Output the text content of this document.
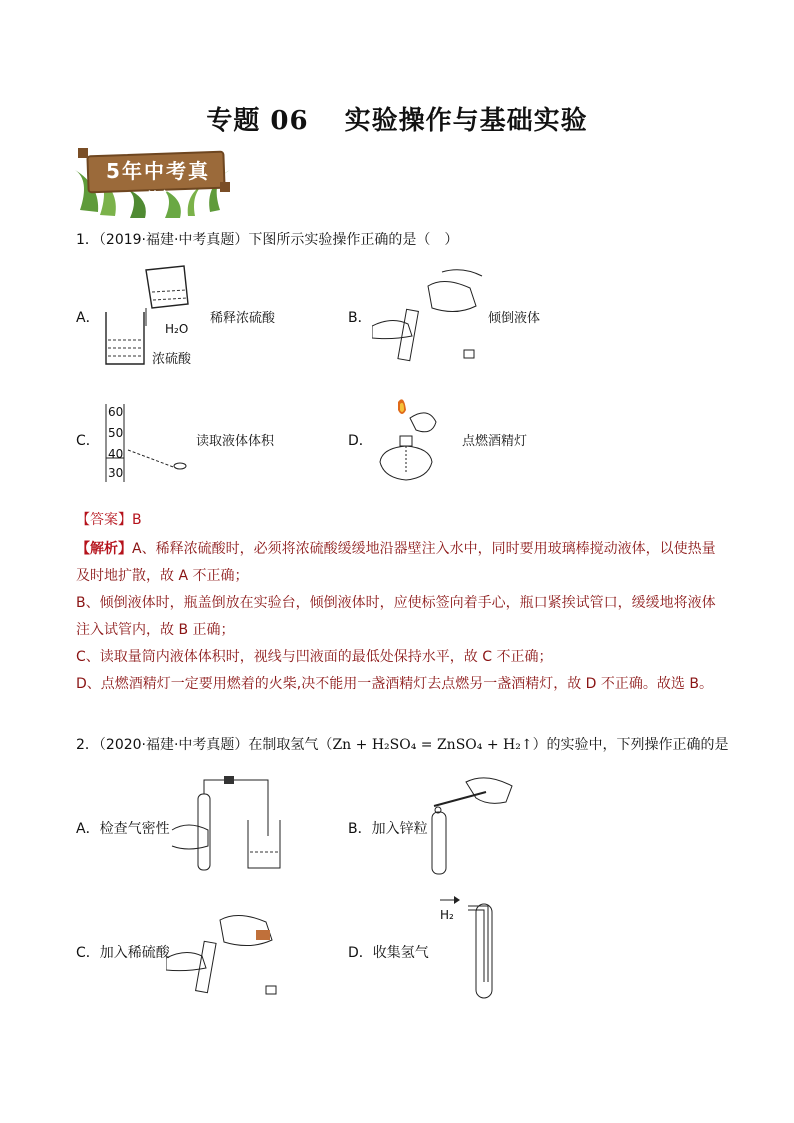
专题 06 实验操作与基础实验
5年中考真题
1．（2019·福建·中考真题）下图所示实验操作正确的是（　）
A．
H₂O
浓硫酸
稀释浓硫酸	B．	倾倒液体
C．
60
50
40
30
读取液体体积	D．	点燃酒精灯
【答案】B
【解析】A、稀释浓硫酸时，必须将浓硫酸缓缓地沿器壁注入水中，同时要用玻璃棒搅动液体，以使热量及时地扩散，故 A 不正确；
B、倾倒液体时，瓶盖倒放在实验台，倾倒液体时，应使标签向着手心，瓶口紧挨试管口，缓缓地将液体注入试管内，故 B 正确；
C、读取量筒内液体体积时，视线与凹液面的最低处保持水平，故 C 不正确；
D、点燃酒精灯一定要用燃着的火柴,决不能用一盏酒精灯去点燃另一盏酒精灯，故 D 不正确。故选 B。
2．（2020·福建·中考真题）在制取氢气（Zn + H₂SO₄ = ZnSO₄ + H₂↑）的实验中，下列操作正确的是
A．检查气密性	B．加入锌粒
C．加入稀硫酸	D．收集氢气
H₂
